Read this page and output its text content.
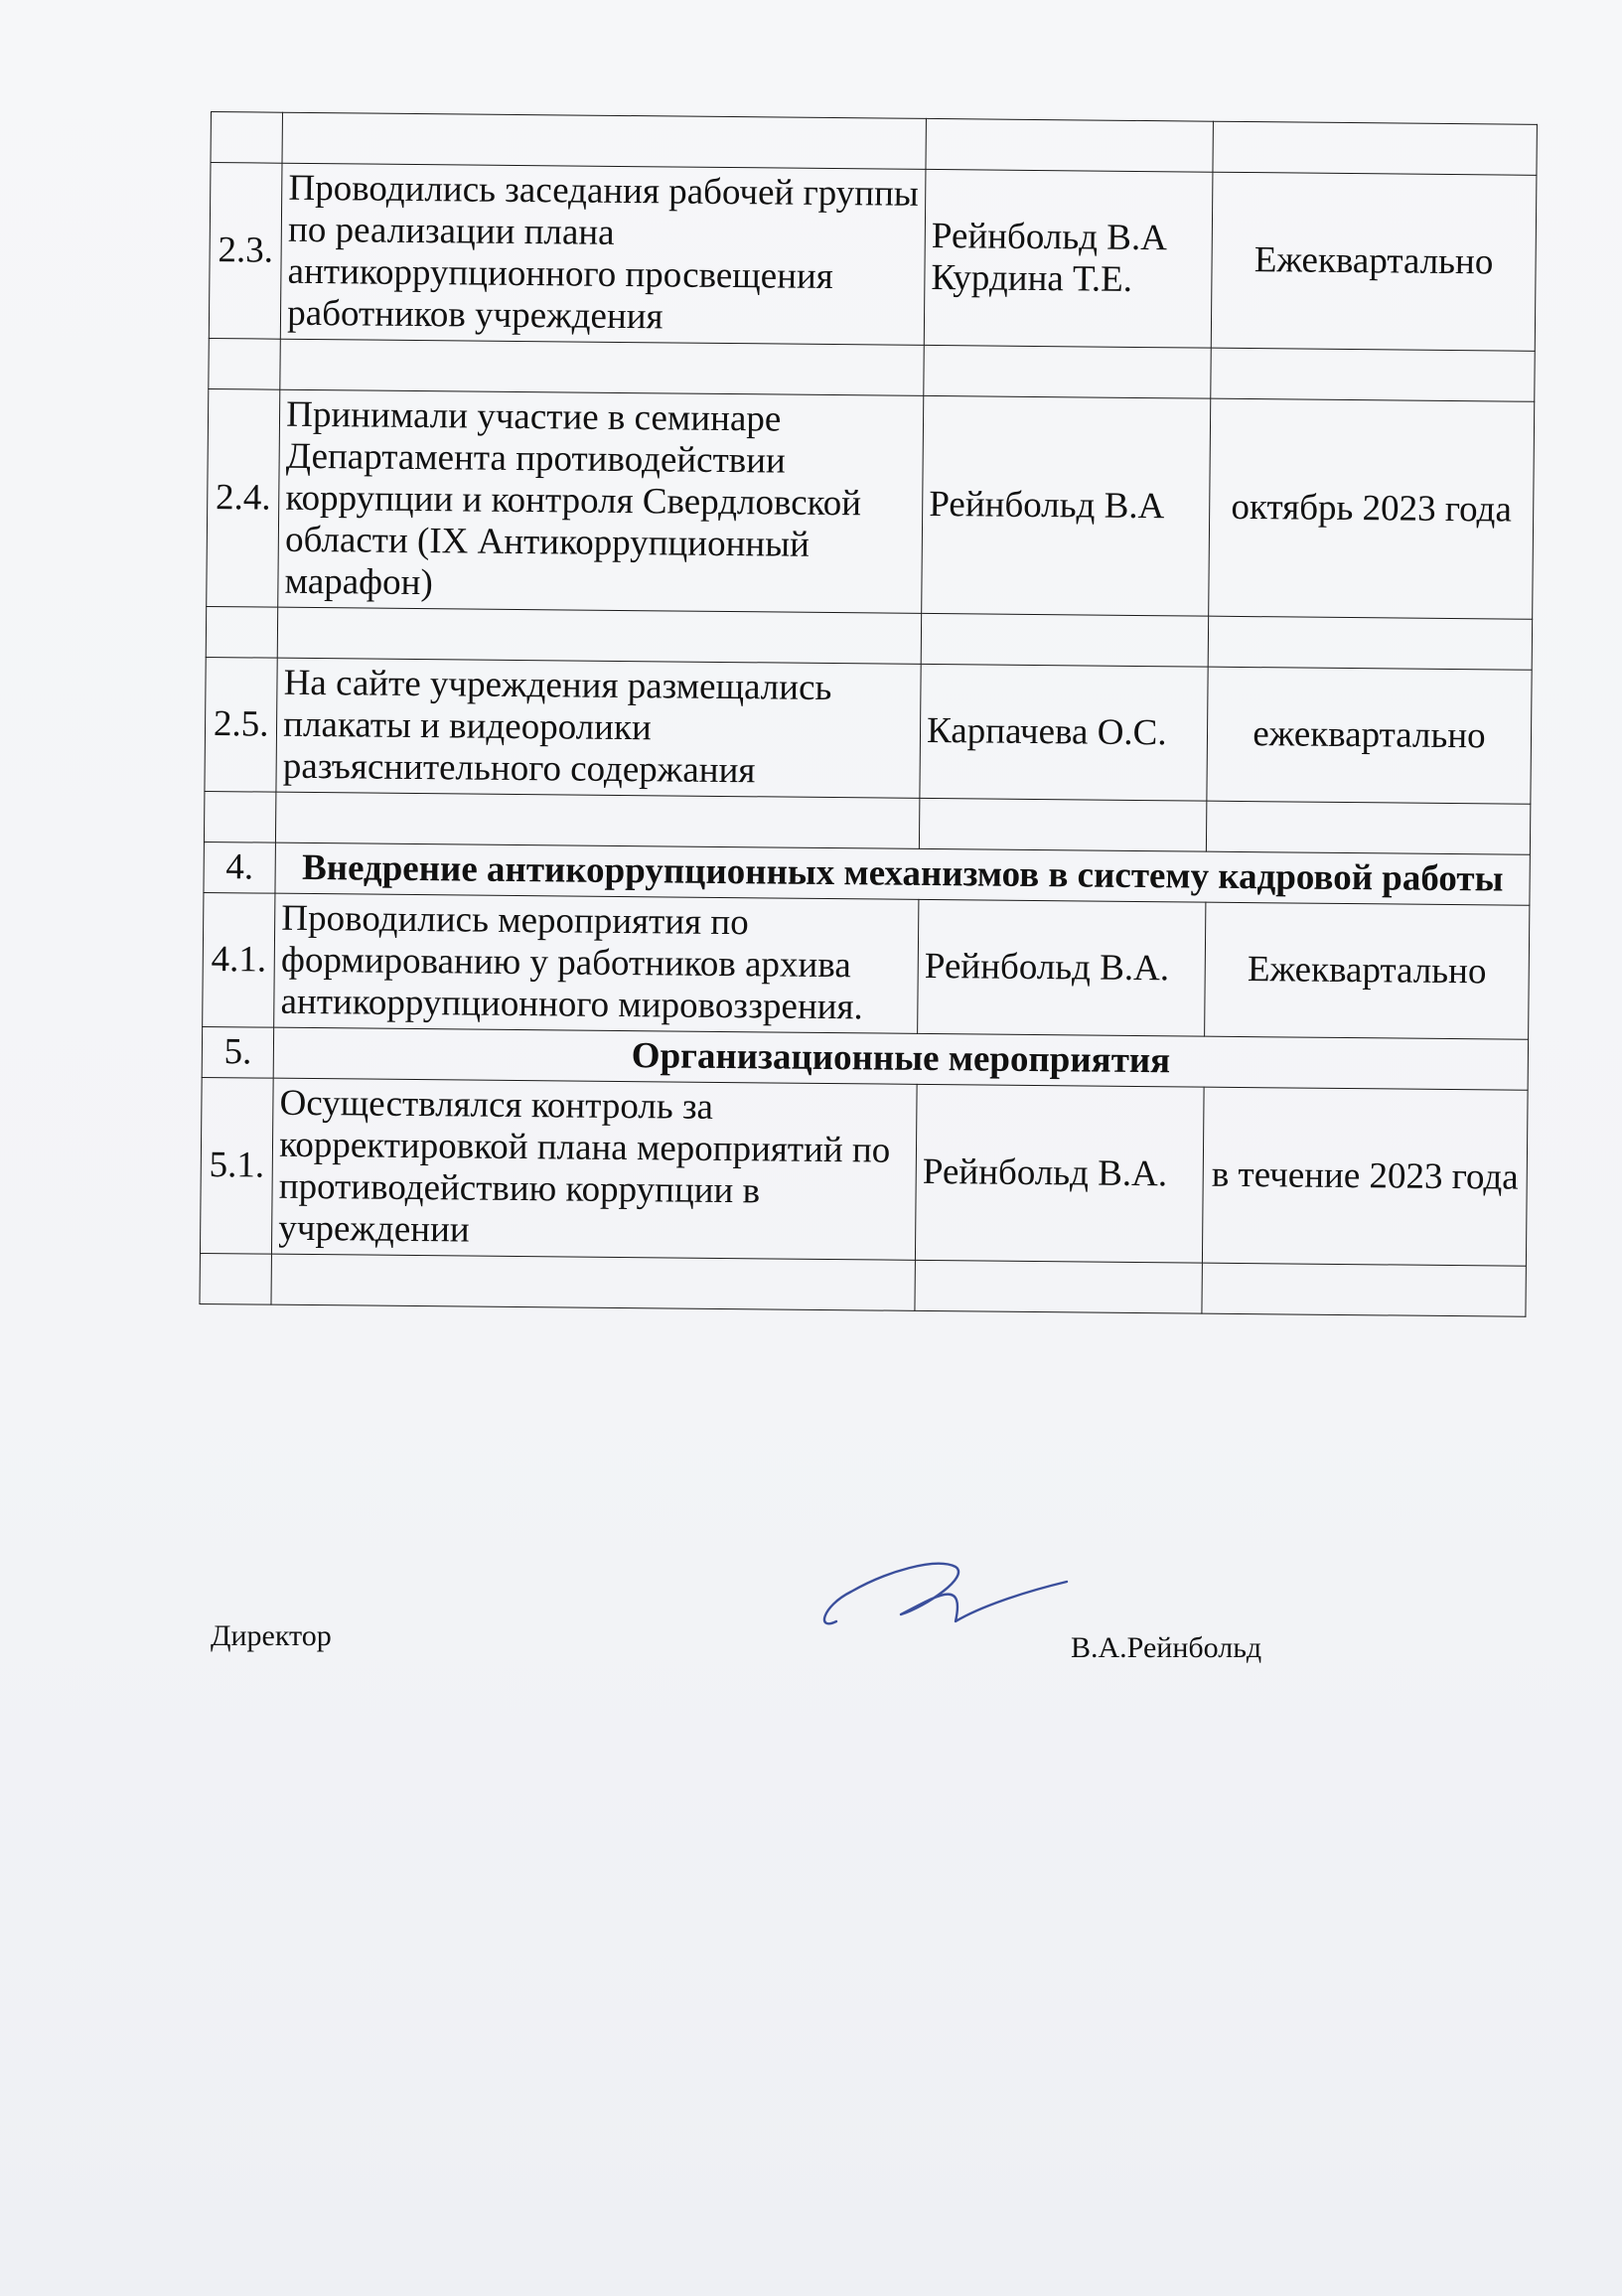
2.3.	Проводились заседания рабочей группы по реализации плана антикоррупционного просвещения работников учреждения	Рейнбольд В.А Курдина Т.Е.	Ежеквартально

2.4.	Принимали участие в семинаре Департамента противодействии коррупции и контроля Свердловской области (IX Антикоррупционный марафон)	Рейнбольд В.А	октябрь 2023 года

2.5.	На сайте учреждения размещались плакаты и видеоролики разъяснительного содержания	Карпачева О.С.	ежеквартально

4.	Внедрение антикоррупционных механизмов в систему кадровой работы		
4.1.	Проводились мероприятия по формированию у работников архива антикоррупционного мировоззрения.	Рейнбольд В.А.	Ежеквартально
5.	Организационные мероприятия		
5.1.	Осуществлялся контроль за корректировкой плана мероприятий по противодействию коррупции в учреждении	Рейнбольд В.А.	в течение 2023 года

Директор	В.А.Рейнбольд
